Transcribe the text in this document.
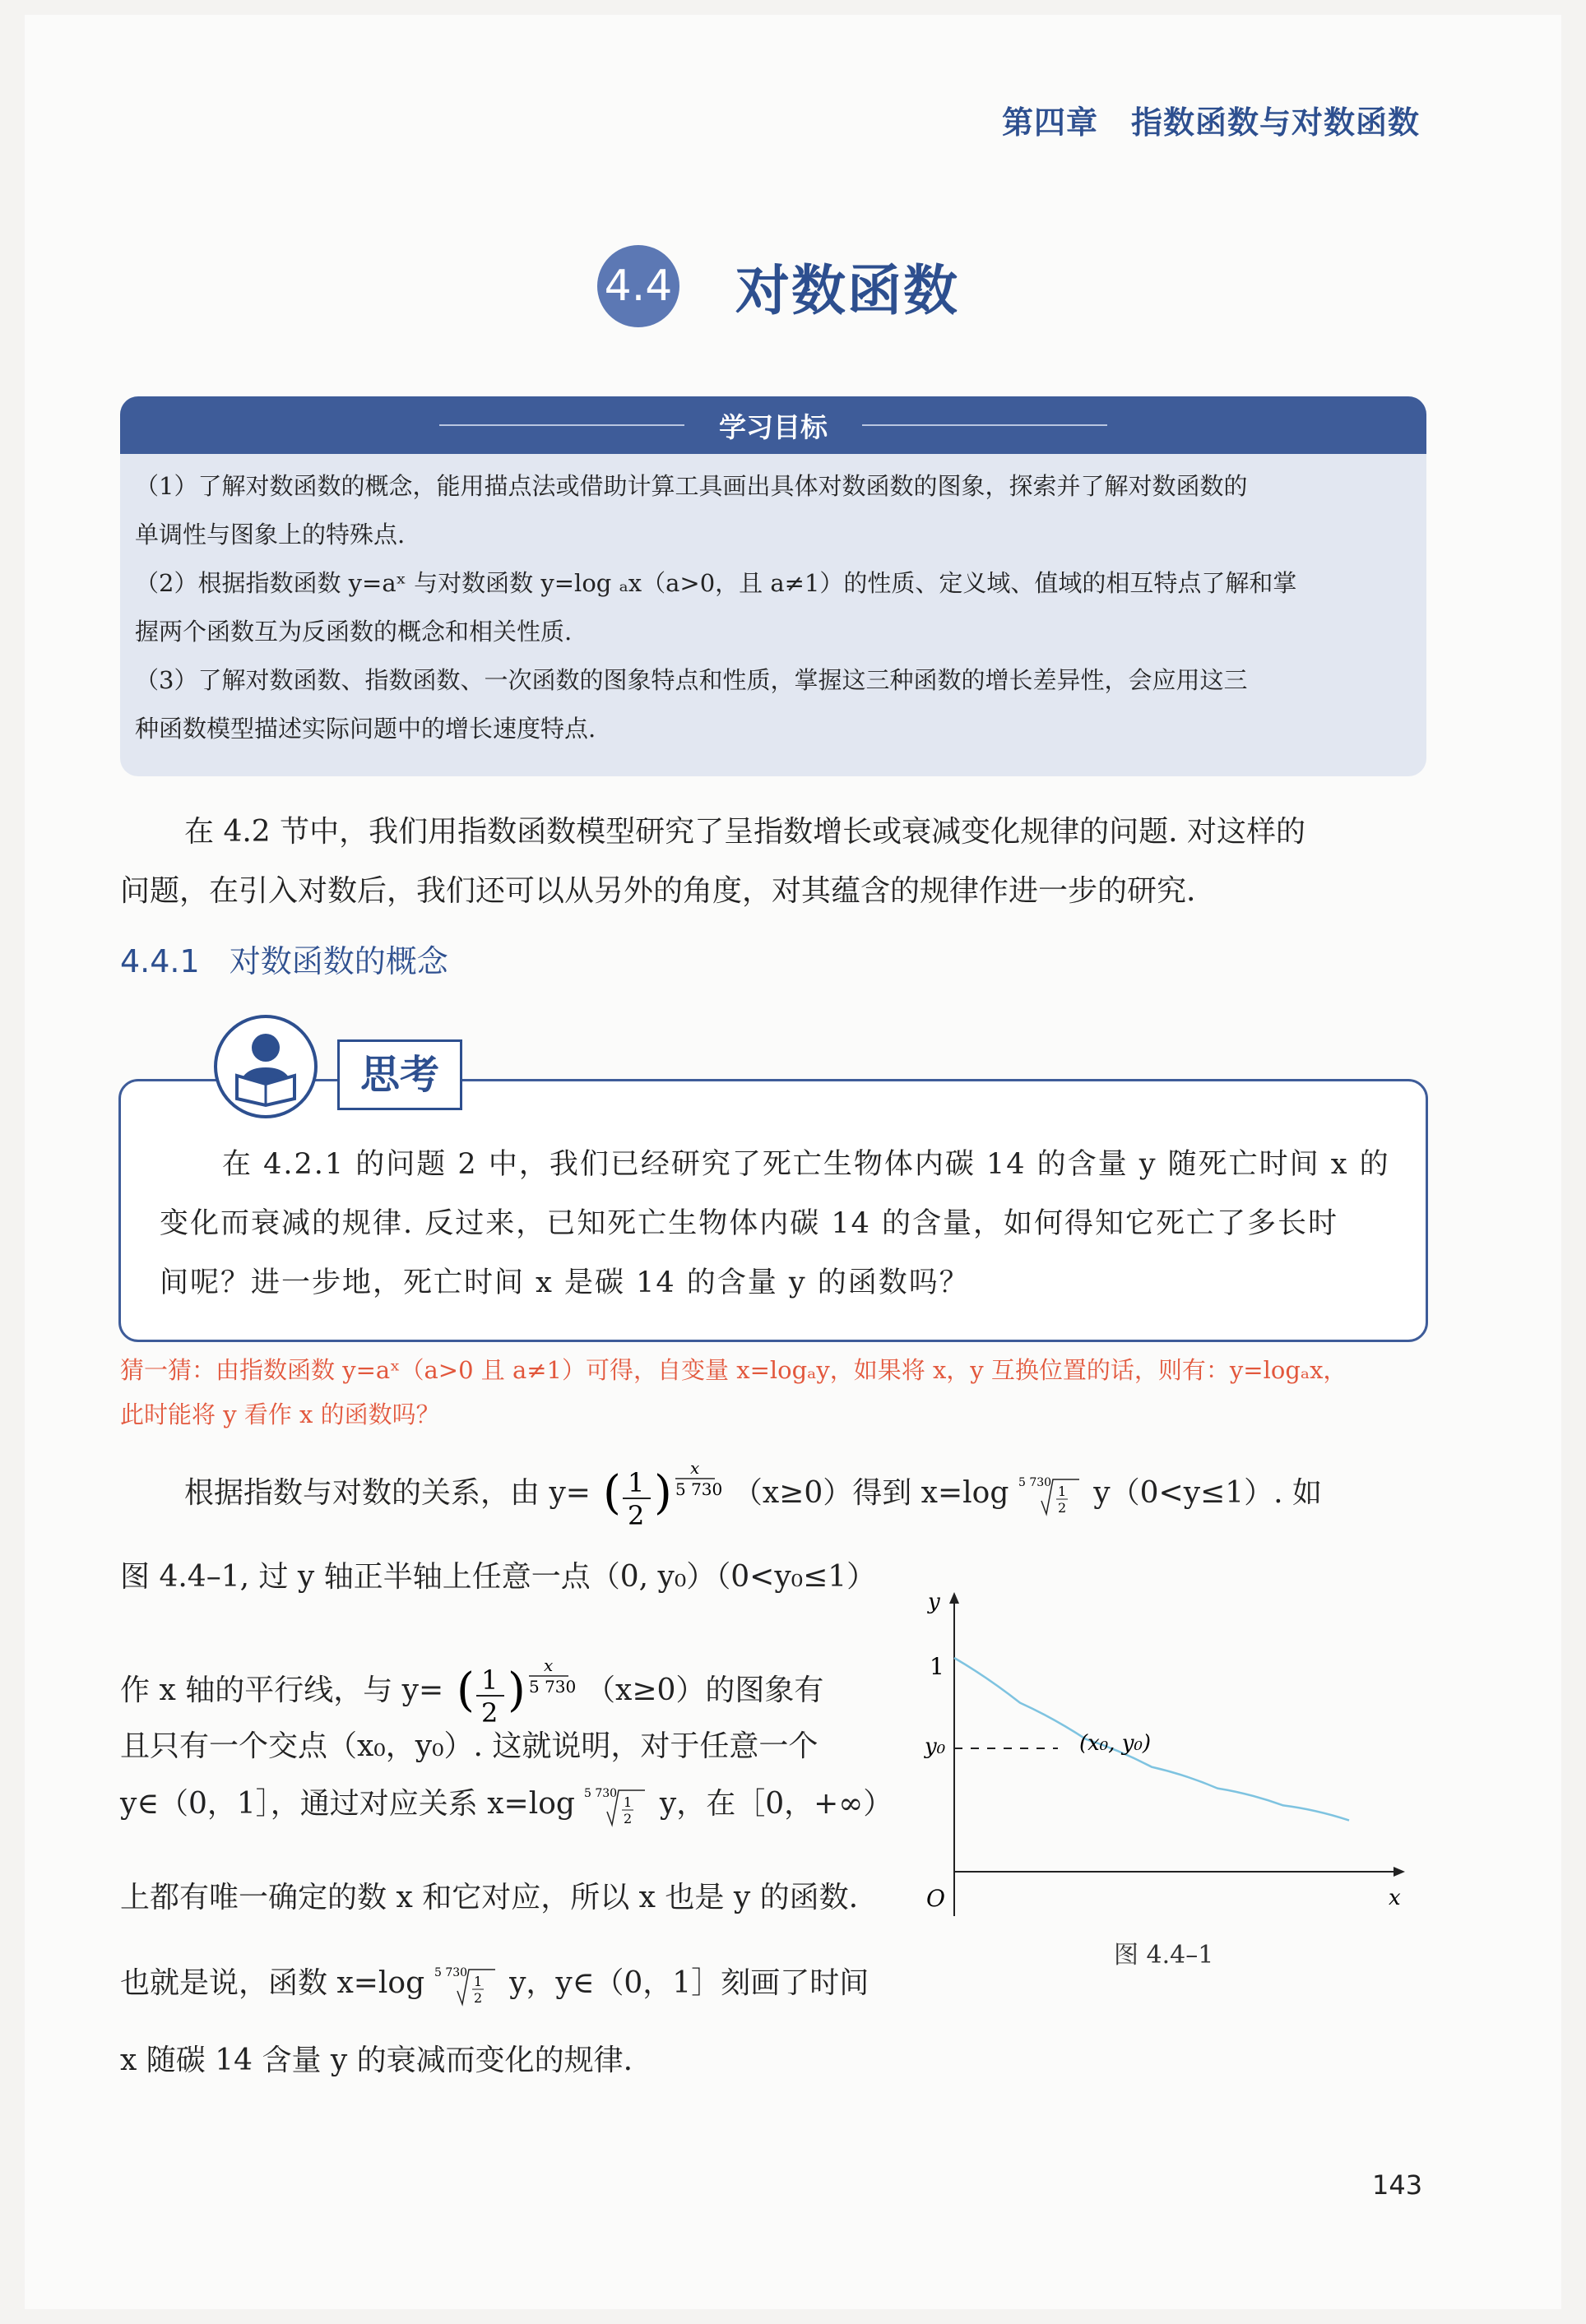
第四章 指数函数与对数函数
4.4 对数函数
学习目标
（1）了解对数函数的概念，能用描点法或借助计算工具画出具体对数函数的图象，探索并了解对数函数的
单调性与图象上的特殊点.
（2）根据指数函数 y=aˣ 与对数函数 y=log ₐx（a>0，且 a≠1）的性质、定义域、值域的相互特点了解和掌
握两个函数互为反函数的概念和相关性质.
（3）了解对数函数、指数函数、一次函数的图象特点和性质，掌握这三种函数的增长差异性，会应用这三
种函数模型描述实际问题中的增长速度特点.
在 4.2 节中，我们用指数函数模型研究了呈指数增长或衰减变化规律的问题. 对这样的
问题，在引入对数后，我们还可以从另外的角度，对其蕴含的规律作进一步的研究.
4.4.1 对数函数的概念
思考
在 4.2.1 的问题 2 中，我们已经研究了死亡生物体内碳 14 的含量 y 随死亡时间 x 的
变化而衰减的规律. 反过来，已知死亡生物体内碳 14 的含量，如何得知它死亡了多长时
间呢？进一步地，死亡时间 x 是碳 14 的含量 y 的函数吗？
猜一猜：由指数函数 y=aˣ（a>0 且 a≠1）可得，自变量 x=logₐy，如果将 x，y 互换位置的话，则有：y=logₐx，
此时能将 y 看作 x 的函数吗？
根据指数与对数的关系，由 y= ( 1
2 ) x
5 730 （x≥0）得到 x=log 5 730
1
2 y（0<y≤1）. 如
图 4.4–1, 过 y 轴正半轴上任意一点（0, y₀）（0<y₀≤1）
作 x 轴的平行线，与 y= ( 1
2 ) x
5 730 （x≥0）的图象有
且只有一个交点（x₀，y₀）. 这就说明，对于任意一个
y∈（0，1］，通过对应关系 x=log 5 730
1
2 y，在［0，+∞）
上都有唯一确定的数 x 和它对应，所以 x 也是 y 的函数.
也就是说，函数 x=log 5 730
1
2 y，y∈（0，1］刻画了时间
x 随碳 14 含量 y 的衰减而变化的规律.
y
x
O
1
y₀	(x₀, y₀)
图 4.4–1
143
